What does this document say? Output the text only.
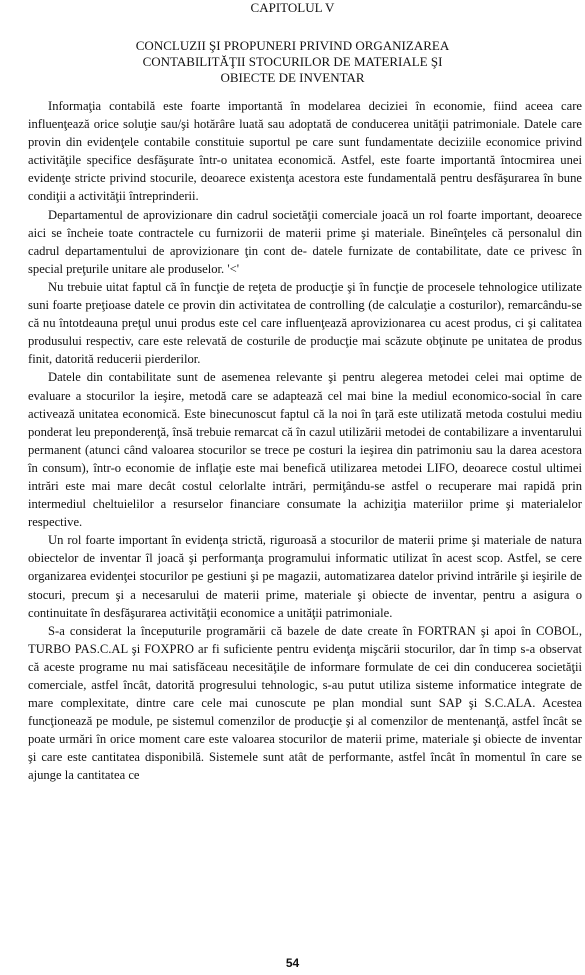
CAPITOLUL V
CONCLUZII ŞI PROPUNERI PRIVIND ORGANIZAREA
CONTABILITĂŢII STOCURILOR DE MATERIALE ŞI
OBIECTE DE INVENTAR

Informaţia contabilă este foarte importantă în modelarea deciziei în economie, fiind aceea care influenţează orice soluţie sau/şi hotărâre luată sau adoptată de conducerea unităţii patrimoniale. Datele care provin din evidenţele contabile constituie suportul pe care sunt fundamentate deciziile economice privind activităţile specifice desfăşurate într-o unitatea economică. Astfel, este foarte importantă întocmirea unei evidenţe stricte privind stocurile, deoarece existenţa acestora este fundamentală pentru desfăşurarea în bune condiţii a activităţii întreprinderii.

Departamentul de aprovizionare din cadrul societăţii comerciale joacă un rol foarte important, deoarece aici se încheie toate contractele cu furnizorii de materii prime şi materiale. Bineînţeles că personalul din cadrul departamentului de aprovizionare ţin cont de- datele furnizate de contabilitate, date ce privesc în special preţurile unitare ale produselor. '<'

Nu trebuie uitat faptul că în funcţie de reţeta de producţie şi în funcţie de procesele tehnologice utilizate suni foarte preţioase datele ce provin din activitatea de controlling (de calculaţie a costurilor), remarcându-se că nu întotdeauna preţul unui produs este cel care influenţează aprovizionarea cu acest produs, ci şi calitatea produsului respectiv, care este relevată de costurile de producţie mai scăzute obţinute pe unitatea de produs finit, datorită reducerii pierderilor.

Datele din contabilitate sunt de asemenea relevante şi pentru alegerea metodei celei mai optime de evaluare a stocurilor la ieşire, metodă care se adaptează cel mai bine la mediul economico-social în care activează unitatea economică. Este binecunoscut faptul că la noi în ţară este utilizată metoda costului mediu ponderat leu preponderenţă, însă trebuie remarcat că în cazul utilizării metodei de contabilizare a inventarului permanent (atunci când valoarea stocurilor se trece pe costuri la ieşirea din patrimoniu sau la darea acestora în consum), într-o economie de inflaţie este mai benefică utilizarea metodei LIFO, deoarece costul ultimei intrări este mai mare decât costul celorlalte intrări, permiţându-se astfel o recuperare mai rapidă prin intermediul cheltuielilor a resurselor financiare consumate la achiziţia materiilor prime şi materialelor respective.

Un rol foarte important în evidenţa strictă, riguroasă a stocurilor de materii prime şi materiale de natura obiectelor de inventar îl joacă şi performanţa programului informatic utilizat în acest scop. Astfel, se cere organizarea evidenţei stocurilor pe gestiuni şi pe magazii, automatizarea datelor privind intrările şi ieşirile de stocuri, precum şi a necesarului de materii prime, materiale şi obiecte de inventar, pentru a asigura o continuitate în desfăşurarea activităţii economice a unităţii patrimoniale.

S-a considerat la începuturile programării că bazele de date create în FORTRAN şi apoi în COBOL, TURBO PAS.C.AL şi FOXPRO ar fi suficiente pentru evidenţa mişcării stocurilor, dar în timp s-a observat că aceste programe nu mai satisfăceau necesităţile de informare formulate de cei din conducerea societăţii comerciale, astfel încât, datorită progresului tehnologic, s-au putut utiliza sisteme informatice integrate de mare complexitate, dintre care cele mai cunoscute pe plan mondial sunt SAP şi S.C.ALA. Acestea funcţionează pe module, pe sistemul comenzilor de producţie şi al comenzilor de mentenanţă, astfel încât se poate urmări în orice moment care este valoarea stocurilor de materii prime, materiale şi obiecte de inventar şi care este cantitatea disponibilă. Sistemele sunt atât de performante, astfel încât în momentul în care se ajunge la cantitatea ce

54
